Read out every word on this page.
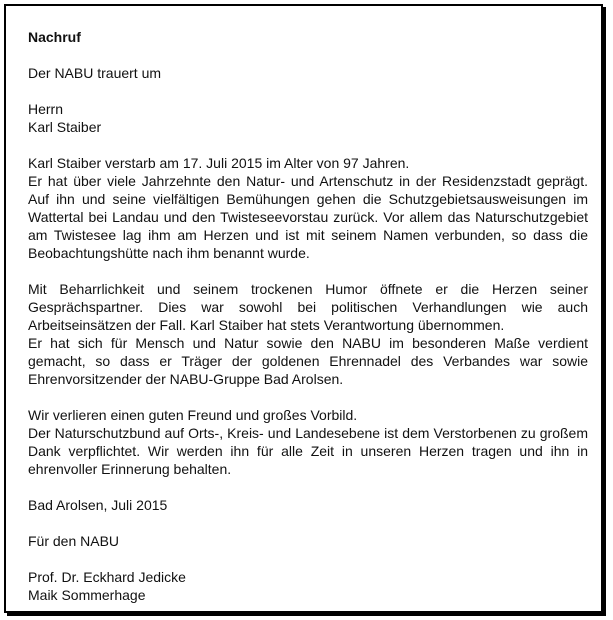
Nachruf
Der NABU trauert um
Herrn
Karl Staiber
Karl Staiber verstarb am 17. Juli 2015 im Alter von 97 Jahren.
Er hat über viele Jahrzehnte den Natur- und Artenschutz in der Residenzstadt geprägt. Auf ihn und seine vielfältigen Bemühungen gehen die Schutzgebietsausweisungen im Wattertal bei Landau und den Twisteseevorstau zurück. Vor allem das Naturschutzgebiet am Twistesee lag ihm am Herzen und ist mit seinem Namen verbunden, so dass die Beobachtungshütte nach ihm benannt wurde.
Mit Beharrlichkeit und seinem trockenen Humor öffnete er die Herzen seiner Gesprächspartner. Dies war sowohl bei politischen Verhandlungen wie auch Arbeitseinsätzen der Fall. Karl Staiber hat stets Verantwortung übernommen.
Er hat sich für Mensch und Natur sowie den NABU im besonderen Maße verdient gemacht, so dass er Träger der goldenen Ehrennadel des Verbandes war sowie Ehrenvorsitzender der NABU-Gruppe Bad Arolsen.
Wir verlieren einen guten Freund und großes Vorbild.
Der Naturschutzbund auf Orts-, Kreis- und Landesebene ist dem Verstorbenen zu großem Dank verpflichtet. Wir werden ihn für alle Zeit in unseren Herzen tragen und ihn in ehrenvoller Erinnerung behalten.
Bad Arolsen, Juli 2015
Für den NABU
Prof. Dr. Eckhard Jedicke
Maik Sommerhage
